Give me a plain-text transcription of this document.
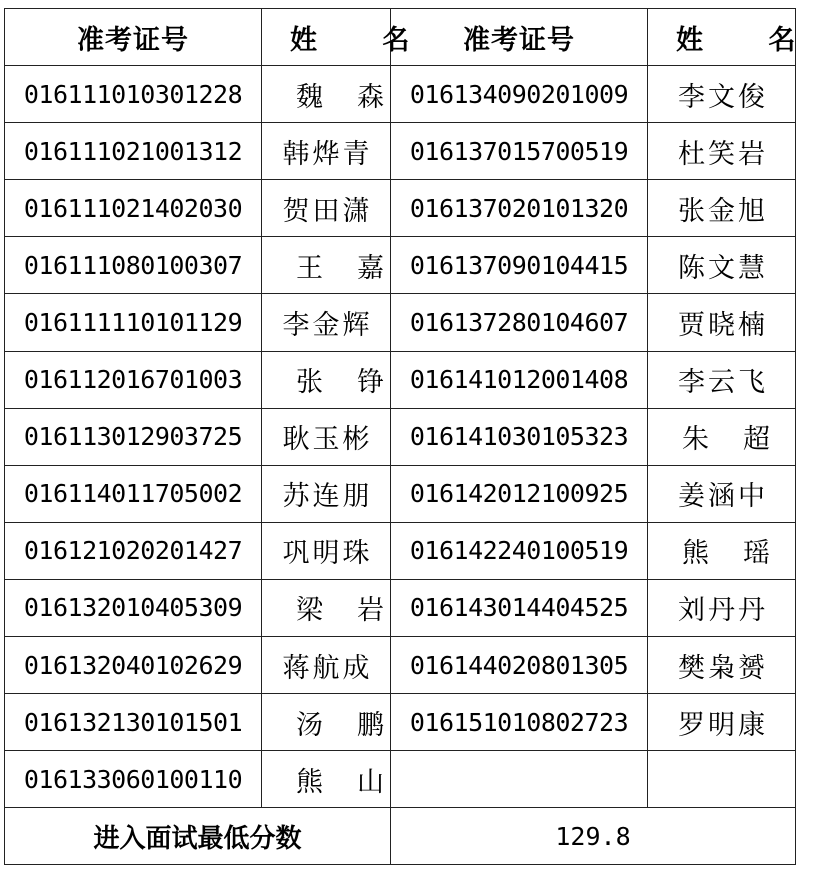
准考证号	姓 名	准考证号	姓 名
016111010301228	魏森	016134090201009	李文俊
016111021001312	韩烨青	016137015700519	杜笑岩
016111021402030	贺田潇	016137020101320	张金旭
016111080100307	王嘉	016137090104415	陈文慧
016111110101129	李金辉	016137280104607	贾晓楠
016112016701003	张铮	016141012001408	李云飞
016113012903725	耿玉彬	016141030105323	朱超
016114011705002	苏连朋	016142012100925	姜涵中
016121020201427	巩明珠	016142240100519	熊瑶
016132010405309	梁岩	016143014404525	刘丹丹
016132040102629	蒋航成	016144020801305	樊枭赟
016132130101501	汤鹏	016151010802723	罗明康
016133060100110	熊山		
进入面试最低分数		129.8	
